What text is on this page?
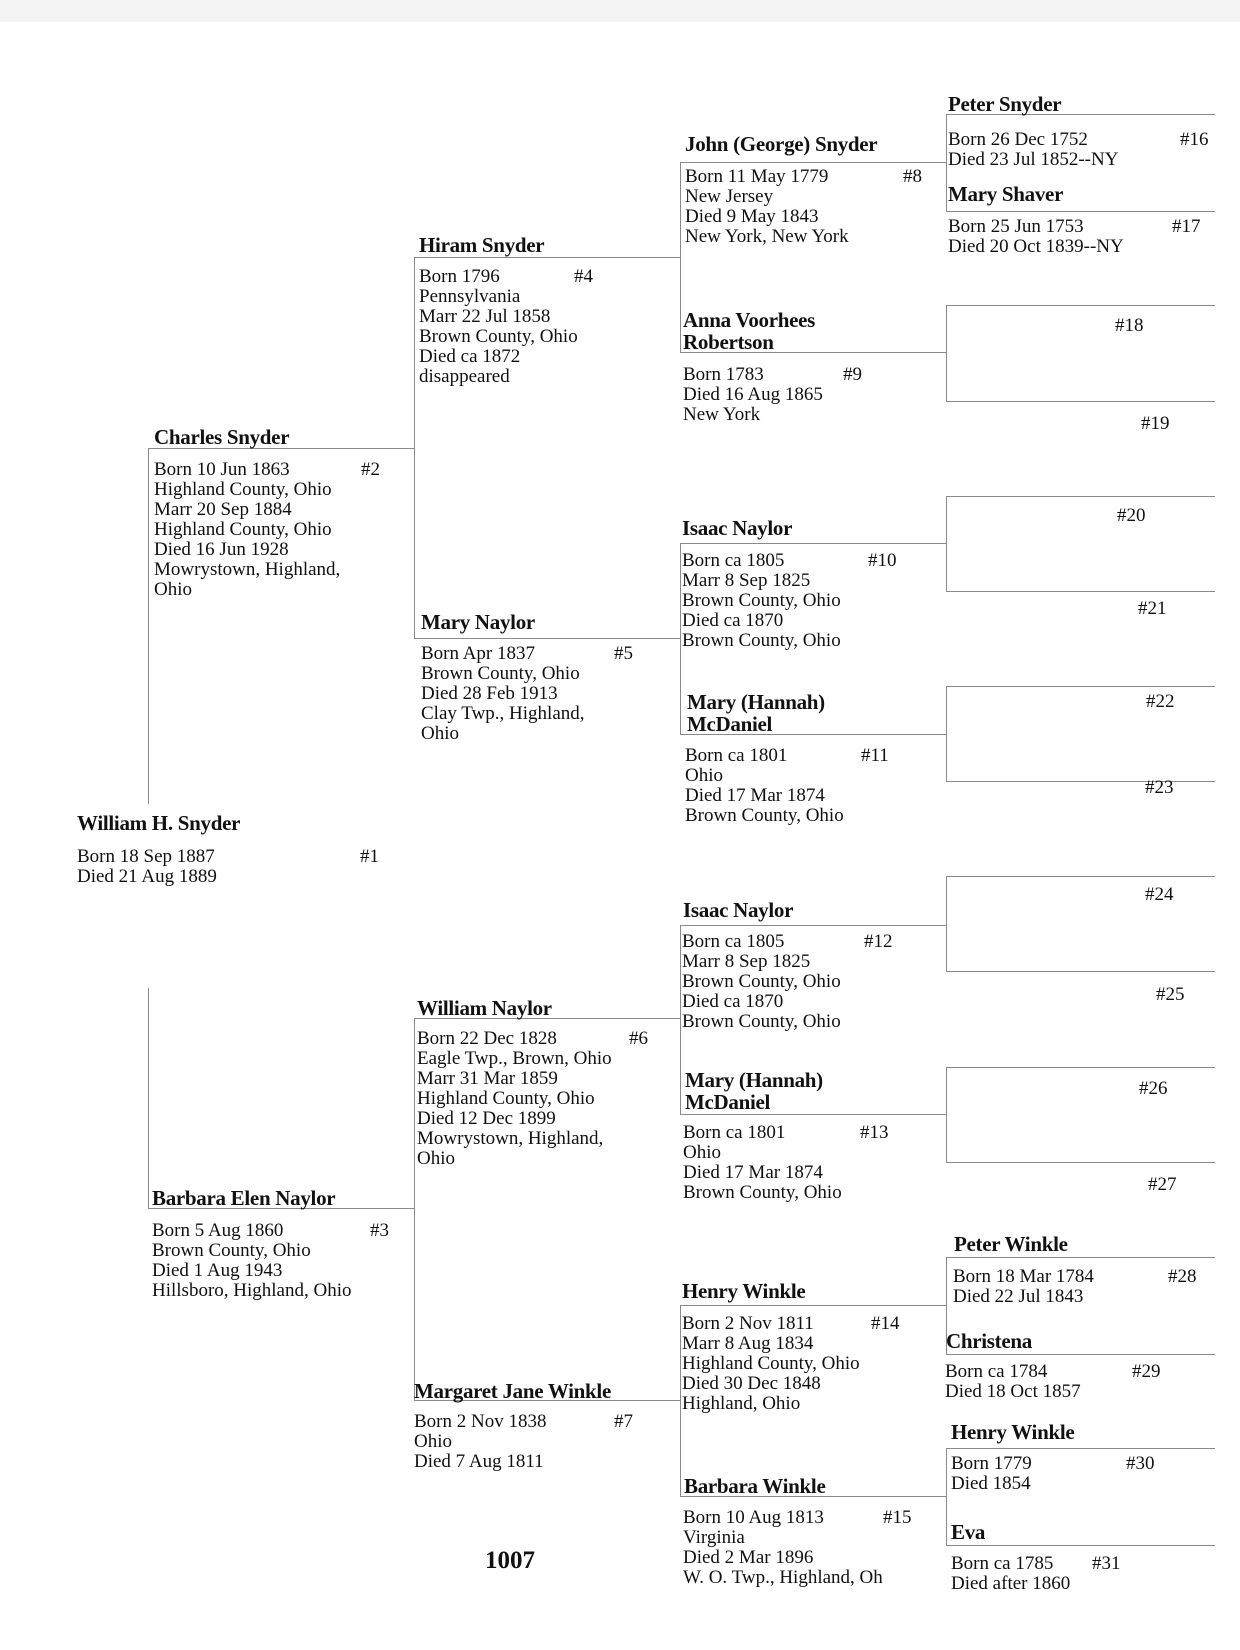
William H. Snyder
Born 18 Sep 1887
Died 21 Aug 1889
#1
Charles Snyder
Born 10 Jun 1863
Highland County, Ohio
Marr 20 Sep 1884
Highland County, Ohio
Died 16 Jun 1928
Mowrystown, Highland,
Ohio
#2
Barbara Elen Naylor
Born 5 Aug 1860
Brown County, Ohio
Died 1 Aug 1943
Hillsboro, Highland, Ohio
#3
Hiram Snyder
Born 1796
Pennsylvania
Marr 22 Jul 1858
Brown County, Ohio
Died ca 1872
disappeared
#4
Mary Naylor
Born Apr 1837
Brown County, Ohio
Died 28 Feb 1913
Clay Twp., Highland,
Ohio
#5
William Naylor
Born 22 Dec 1828
Eagle Twp., Brown, Ohio
Marr 31 Mar 1859
Highland County, Ohio
Died 12 Dec 1899
Mowrystown, Highland,
Ohio
#6
Margaret Jane Winkle
Born 2 Nov 1838
Ohio
Died 7 Aug 1811
#7
John (George) Snyder
Born 11 May 1779
New Jersey
Died 9 May 1843
New York, New York
#8
Anna Voorhees
Robertson
Born 1783
Died 16 Aug 1865
New York
#9
Isaac Naylor
Born ca 1805
Marr 8 Sep 1825
Brown County, Ohio
Died ca 1870
Brown County, Ohio
#10
Mary (Hannah)
McDaniel
Born ca 1801
Ohio
Died 17 Mar 1874
Brown County, Ohio
#11
Isaac Naylor
Born ca 1805
Marr 8 Sep 1825
Brown County, Ohio
Died ca 1870
Brown County, Ohio
#12
Mary (Hannah)
McDaniel
Born ca 1801
Ohio
Died 17 Mar 1874
Brown County, Ohio
#13
Henry Winkle
Born 2 Nov 1811
Marr 8 Aug 1834
Highland County, Ohio
Died 30 Dec 1848
Highland, Ohio
#14
Barbara Winkle
Born 10 Aug 1813
Virginia
Died 2 Mar 1896
W. O. Twp., Highland, Oh
#15
Peter Snyder
Born 26 Dec 1752
Died 23 Jul 1852--NY
#16
Mary Shaver
Born 25 Jun 1753
Died 20 Oct 1839--NY
#17
#18
#19
#20
#21
#22
#23
#24
#25
#26
#27
Peter Winkle
Born 18 Mar 1784
Died 22 Jul 1843
#28
Christena
Born ca 1784
Died 18 Oct 1857
#29
Henry Winkle
Born 1779
Died 1854
#30
Eva
Born ca 1785
Died after 1860
#31
1007
